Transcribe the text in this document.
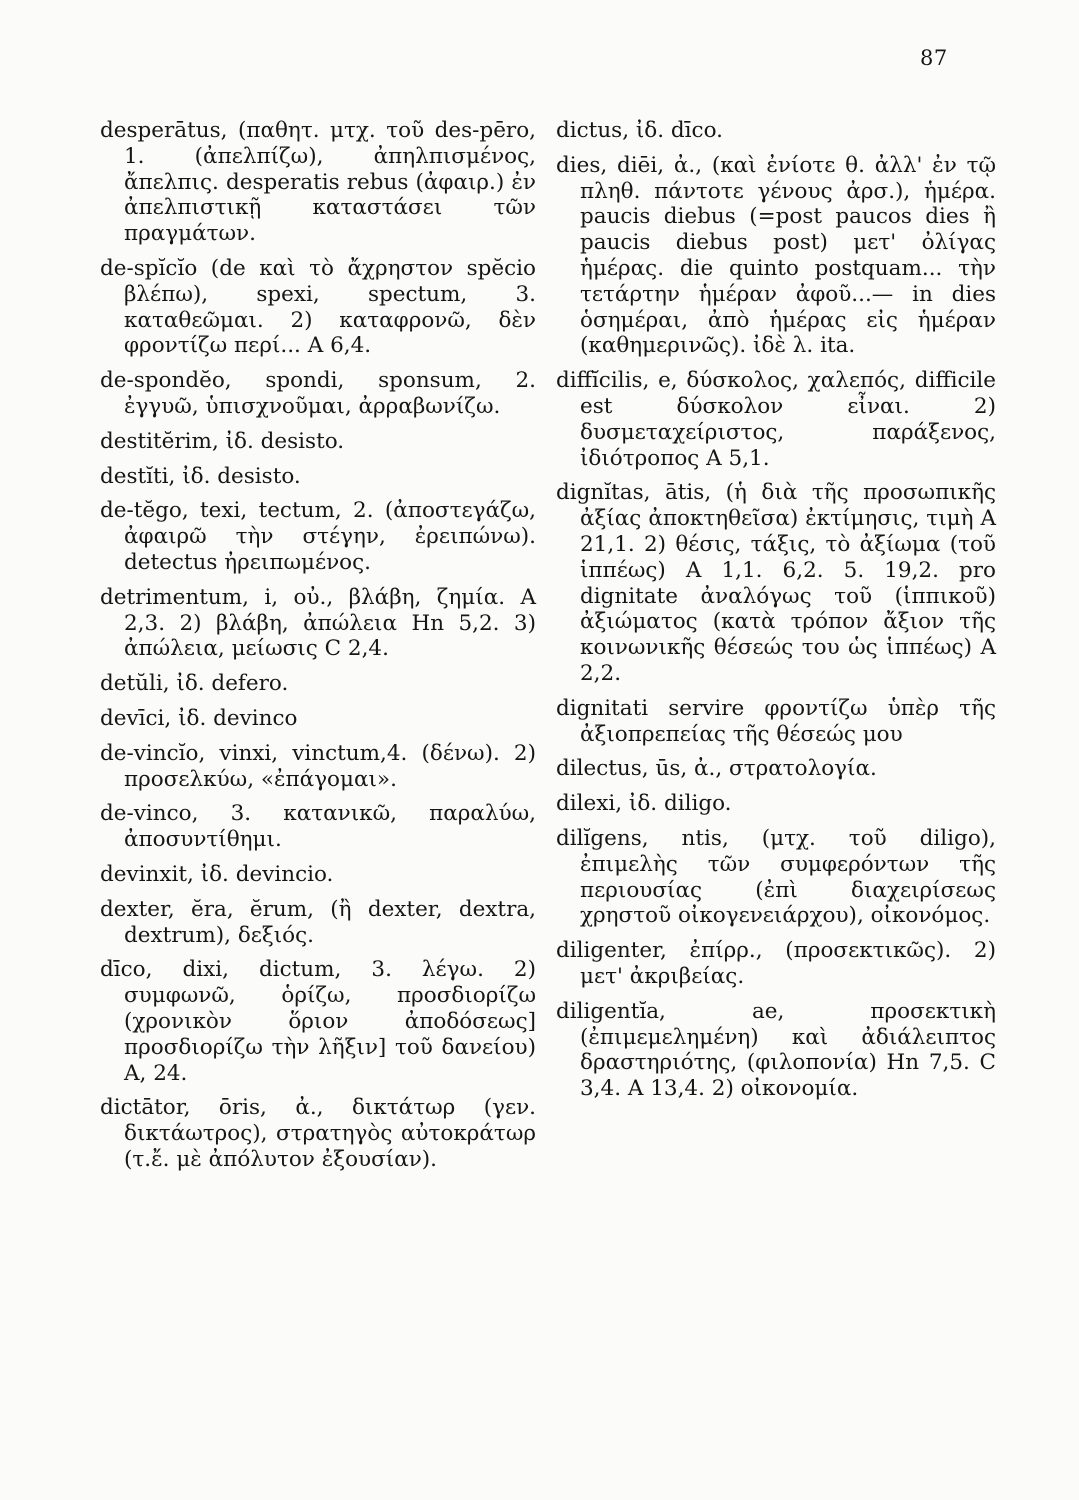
87

desperātus, (παθητ. μτχ. τοῦ des-pēro, 1. (ἀπελπίζω), ἀπηλπισμένος, ἄπελπις. desperatis rebus (ἀφαιρ.) ἐν ἀπελπιστικῇ καταστάσει τῶν πραγμάτων.

de-spĭcĭo (de καὶ τὸ ἄχρηστον spĕcio βλέπω), spexi, spectum, 3. καταθεῶμαι. 2) καταφρονῶ, δὲν φροντίζω περί... A 6,4.

de-spondĕo, spondi, sponsum, 2. ἐγγυῶ, ὑπισχνοῦμαι, ἀρραβωνίζω.

destitĕrim, ἰδ. desisto.

destĭti, ἰδ. desisto.

de-tĕgo, texi, tectum, 2. (ἀποστεγάζω, ἀφαιρῶ τὴν στέγην, ἐρειπώνω). detectus ἠρειπωμένος.

detrimentum, i, οὐ., βλάβη, ζημία. A 2,3. 2) βλάβη, ἀπώλεια Hn 5,2. 3) ἀπώλεια, μείωσις C 2,4.

detŭli, ἰδ. defero.

devīci, ἰδ. devinco

de-vincĭo, vinxi, vinctum,4. (δένω). 2) προσελκύω, «ἐπάγομαι».

de-vinco, 3. κατανικῶ, παραλύω, ἀποσυντίθημι.

devinxit, ἰδ. devincio.

dexter, ĕra, ĕrum, (ἢ dexter, dextra, dextrum), δεξιός.

dīco, dixi, dictum, 3. λέγω. 2) συμφωνῶ, ὁρίζω, προσδιορίζω (χρονικὸν ὅριον ἀποδόσεως] προσδιορίζω τὴν λῆξιν] τοῦ δανείου) A, 24.

dictātor, ōris, ἀ., δικτάτωρ (γεν. δικτάωτρος), στρατηγὸς αὐτοκράτωρ (τ.ἔ. μὲ ἀπόλυτον ἐξουσίαν).

dictus, ἰδ. dīco.

dies, diēi, ἀ., (καὶ ἐνίοτε θ. ἀλλ' ἐν τῷ πληθ. πάντοτε γένους ἀρσ.), ἡμέρα. paucis diebus (=post paucos dies ἢ paucis diebus post) μετ' ὀλίγας ἡμέρας. die quinto postquam... τὴν τετάρτην ἡμέραν ἀφοῦ...— in dies ὁσημέραι, ἀπὸ ἡμέρας εἰς ἡμέραν (καθημερινῶς). ἰδὲ λ. ita.

diffĭcilis, e, δύσκολος, χαλεπός, difficile est δύσκολον εἶναι. 2) δυσμεταχείριστος, παράξενος, ἰδιότροπος A 5,1.

dignĭtas, ātis, (ἡ διὰ τῆς προσωπικῆς ἀξίας ἀποκτηθεῖσα) ἐκτίμησις, τιμὴ A 21,1. 2) θέσις, τάξις, τὸ ἀξίωμα (τοῦ ἱππέως) A 1,1. 6,2. 5. 19,2. pro dignitate ἀναλόγως τοῦ (ἱππικοῦ) ἀξιώματος (κατὰ τρόπον ἄξιον τῆς κοινωνικῆς θέσεώς του ὡς ἱππέως) A 2,2.

dignitati servire φροντίζω ὑπὲρ τῆς ἀξιοπρεπείας τῆς θέσεώς μου

dilectus, ūs, ἀ., στρατολογία.

dilexi, ἰδ. diligo.

dilĭgens, ntis, (μτχ. τοῦ diligo), ἐπιμελὴς τῶν συμφερόντων τῆς περιουσίας (ἐπὶ διαχειρίσεως χρηστοῦ οἰκογενειάρχου), οἰκονόμος.

diligenter, ἐπίρρ., (προσεκτικῶς). 2) μετ' ἀκριβείας.

diligentĭa, ae, προσεκτικὴ (ἐπιμεμελημένη) καὶ ἀδιάλειπτος δραστηριότης, (φιλοπονία) Hn 7,5. C 3,4. A 13,4. 2) οἰκονομία.
